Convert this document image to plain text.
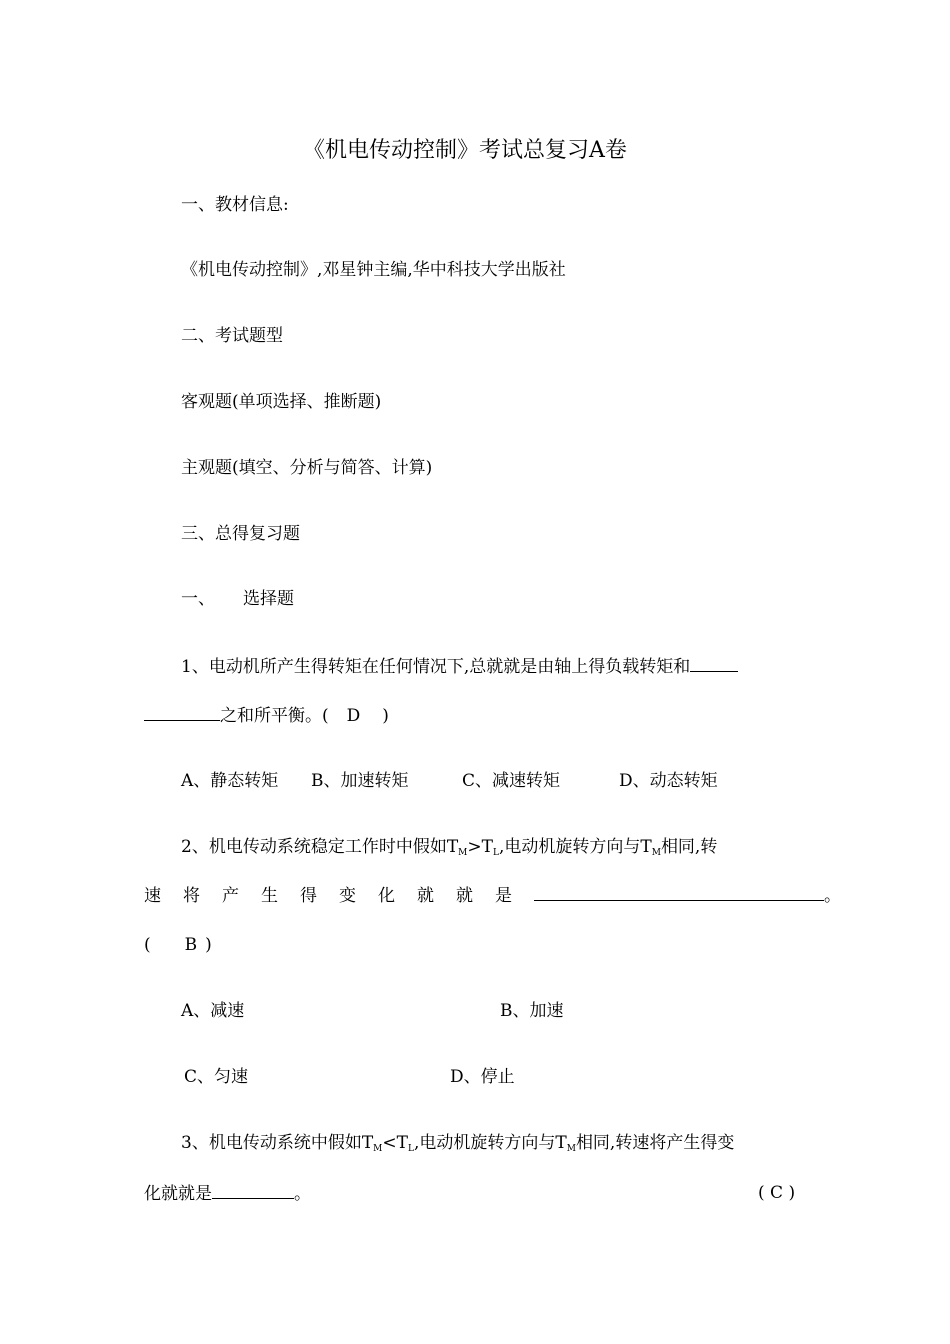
《机电传动控制》考试总复习A卷
一、教材信息:
《机电传动控制》,邓星钟主编,华中科技大学出版社
二、考试题型
客观题(单项选择、推断题)
主观题(填空、分析与简答、计算)
三、总得复习题
一、 选择题
1、电动机所产生得转矩在任何情况下,总就就是由轴上得负载转矩和
之和所平衡。( D )
A、静态转矩 B、加速转矩	C、减速转矩	D、动态转矩
2、机电传动系统稳定工作时中假如TM>TL,电动机旋转方向与TM相同,转
速将产生得变化就就是	。
( B )
A、减速	B、加速
C、匀速	D、停止
3、机电传动系统中假如TM<TL,电动机旋转方向与TM相同,转速将产生得变
化就就是	。	( C )
